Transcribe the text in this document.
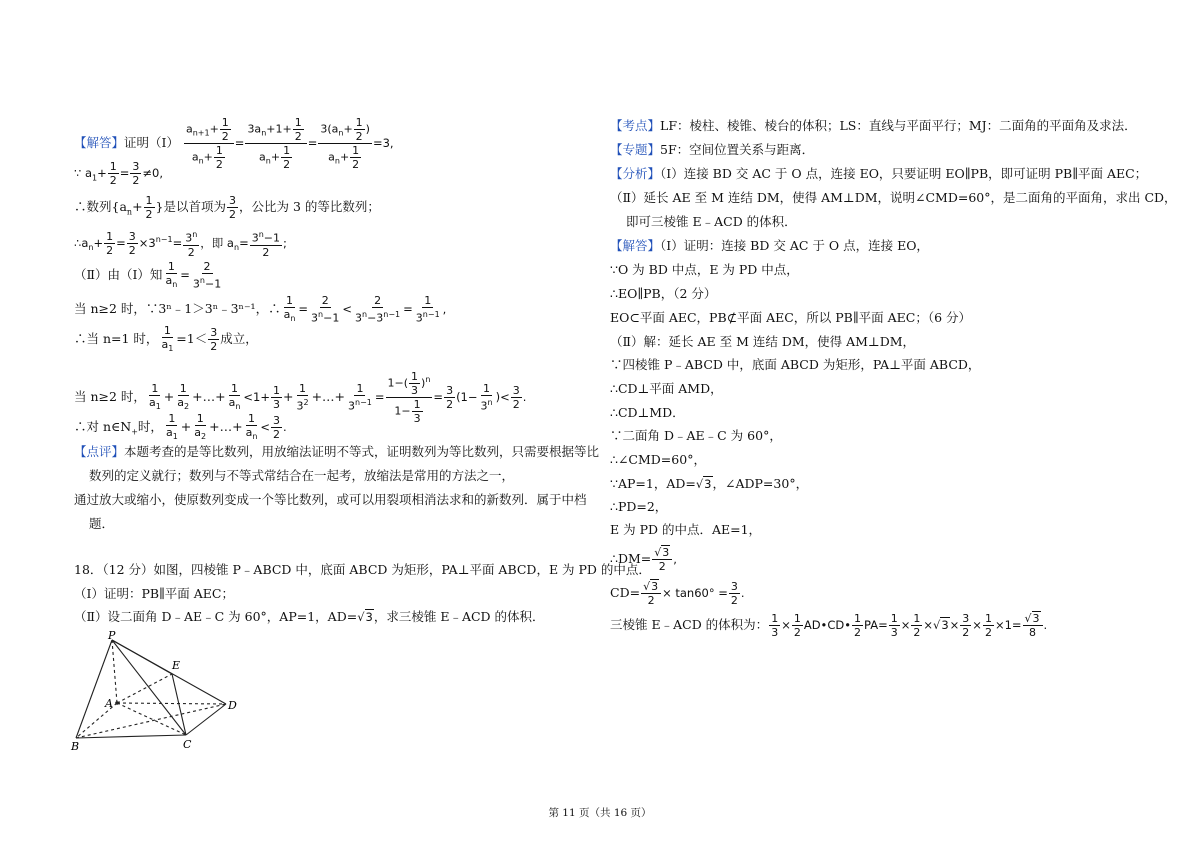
【解答】证明（Ⅰ） $\frac{a_{n+1}+ \frac{1}{2}}{a_n+ \frac{1}{2}} = \frac{3a_n+1+ \frac{1}{2}}{a_n+ \frac{1}{2}} = \frac{3(a_n+ \frac{1}{2} )}{a_n+ \frac{1}{2}} =3$,
∵ $a_1+ \frac{1}{2} = \frac{3}{2} \ne 0$,
∴数列{$a_n+ \frac{1}{2}$ }是以首项为 $\frac{3}{2}$ ，公比为 3 的等比数列；
$\therefore a_n+ \frac{1}{2} = \frac{3}{2} \times 3^{n-1}= \frac{3^n}{2}$ ，即 $a_n= \frac{3^n-1}{2}$ ;
（Ⅱ）由（Ⅰ）知 $\frac{1}{a_n} = \frac{2}{3^n-1}$
当 n≥2 时，∵3ⁿ﹣1＞3ⁿ﹣3ⁿ⁻¹，∴ $\frac{1}{a_n} = \frac{2}{3^n-1} < \frac{2}{3^n-3^{n-1}} = \frac{1}{3^{n-1}}$ ,
∴当 n=1 时， $\frac{1}{a_1} =1< \frac{3}{2}$ 成立，
当 n≥2 时， $\frac{1}{a_1} + \frac{1}{a_2}$ +…+ $\frac{1}{a_n} <1+ \frac{1}{3} + \frac{1}{3^2}$ +…+ $\frac{1}{3^{n-1}} = \frac{1-( \frac{1}{3} )^n}{1- \frac{1}{3}} = \frac{3}{2} (1- \frac{1}{3^n}$ )< $\frac{3}{2}$ .
∴对 $n\in N_+$时， $\frac{1}{a_1} + \frac{1}{a_2}$ +…+ $\frac{1}{a_n} < \frac{3}{2}$ .
【点评】本题考查的是等比数列，用放缩法证明不等式，证明数列为等比数列，只需要根据等比
数列的定义就行；数列与不等式常结合在一起考，放缩法是常用的方法之一，
通过放大或缩小，使原数列变成一个等比数列，或可以用裂项相消法求和的新数列．属于中档
题．
18．（12 分）如图，四棱锥 P﹣ABCD 中，底面 ABCD 为矩形，PA⊥平面 ABCD，E 为 PD 的中点．
（Ⅰ）证明：PB∥平面 AEC；
（Ⅱ）设二面角 D﹣AE﹣C 为 60°，AP=1，AD=√3，求三棱锥 E﹣ACD 的体积．
P
E
A	D
B	C
【考点】LF：棱柱、棱锥、棱台的体积；LS：直线与平面平行；MJ：二面角的平面角及求法．
【专题】5F：空间位置关系与距离．
【分析】（Ⅰ）连接 BD 交 AC 于 O 点，连接 EO，只要证明 EO∥PB，即可证明 PB∥平面 AEC；
（Ⅱ）延长 AE 至 M 连结 DM，使得 AM⊥DM，说明∠CMD=60°，是二面角的平面角，求出 CD，
即可三棱锥 E﹣ACD 的体积．
【解答】（Ⅰ）证明：连接 BD 交 AC 于 O 点，连接 EO，
∵O 为 BD 中点，E 为 PD 中点，
∴EO∥PB，（2 分）
EO⊂平面 AEC，PB⊄平面 AEC，所以 PB∥平面 AEC；（6 分）
（Ⅱ）解：延长 AE 至 M 连结 DM，使得 AM⊥DM，
∵四棱锥 P﹣ABCD 中，底面 ABCD 为矩形，PA⊥平面 ABCD，
∴CD⊥平面 AMD，
∴CD⊥MD．
∵二面角 D﹣AE﹣C 为 60°，
∴∠CMD=60°，
∵AP=1，AD=√3，∠ADP=30°，
∴PD=2，
E 为 PD 的中点．AE=1，
∴DM= $\frac{√3}{2}$ ,
$CD= \frac{√3}{2} \times \tan 60^\circ = \frac{3}{2}$ .
三棱锥 E﹣ACD 的体积为： $\frac{1}{3} \times \frac{1}{2}$ AD•CD• $\frac{1}{2} PA= \frac{1}{3} \times \frac{1}{2} \times√3\times \frac{3}{2} \times \frac{1}{2} \times 1= \frac{√3}{8}$ .
第 11 页（共 16 页）
